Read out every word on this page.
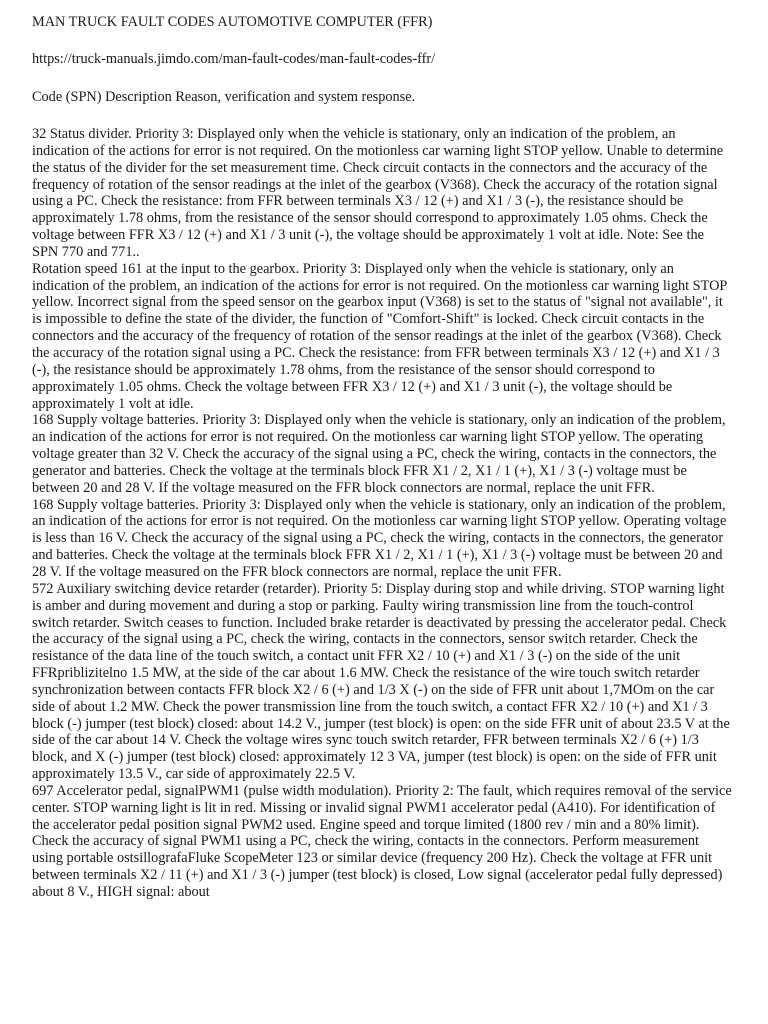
MAN TRUCK FAULT CODES AUTOMOTIVE COMPUTER (FFR)

https://truck-manuals.jimdo.com/man-fault-codes/man-fault-codes-ffr/

Code (SPN) Description Reason, verification and system response.

32 Status divider. Priority 3: Displayed only when the vehicle is stationary, only an indication of the problem, an indication of the actions for error is not required. On the motionless car warning light STOP yellow. Unable to determine the status of the divider for the set measurement time. Check circuit contacts in the connectors and the accuracy of the frequency of rotation of the sensor readings at the inlet of the gearbox (V368). Check the accuracy of the rotation signal using a PC. Check the resistance: from FFR between terminals X3 / 12 (+) and X1 / 3 (-), the resistance should be approximately 1.78 ohms, from the resistance of the sensor should correspond to approximately 1.05 ohms. Check the voltage between FFR X3 / 12 (+) and X1 / 3 unit (-), the voltage should be approximately 1 volt at idle. Note: See the SPN 770 and 771..

Rotation speed 161 at the input to the gearbox. Priority 3: Displayed only when the vehicle is stationary, only an indication of the problem, an indication of the actions for error is not required. On the motionless car warning light STOP yellow. Incorrect signal from the speed sensor on the gearbox input (V368) is set to the status of "signal not available", it is impossible to define the state of the divider, the function of "Comfort-Shift" is locked. Check circuit contacts in the connectors and the accuracy of the frequency of rotation of the sensor readings at the inlet of the gearbox (V368). Check the accuracy of the rotation signal using a PC. Check the resistance: from FFR between terminals X3 / 12 (+) and X1 / 3 (-), the resistance should be approximately 1.78 ohms, from the resistance of the sensor should correspond to approximately 1.05 ohms. Check the voltage between FFR X3 / 12 (+) and X1 / 3 unit (-), the voltage should be approximately 1 volt at idle.

168 Supply voltage batteries. Priority 3: Displayed only when the vehicle is stationary, only an indication of the problem, an indication of the actions for error is not required. On the motionless car warning light STOP yellow. The operating voltage greater than 32 V. Check the accuracy of the signal using a PC, check the wiring, contacts in the connectors, the generator and batteries. Check the voltage at the terminals block FFR X1 / 2, X1 / 1 (+), X1 / 3 (-) voltage must be between 20 and 28 V. If the voltage measured on the FFR block connectors are normal, replace the unit FFR.

168 Supply voltage batteries. Priority 3: Displayed only when the vehicle is stationary, only an indication of the problem, an indication of the actions for error is not required. On the motionless car warning light STOP yellow. Operating voltage is less than 16 V. Check the accuracy of the signal using a PC, check the wiring, contacts in the connectors, the generator and batteries. Check the voltage at the terminals block FFR X1 / 2, X1 / 1 (+), X1 / 3 (-) voltage must be between 20 and 28 V. If the voltage measured on the FFR block connectors are normal, replace the unit FFR.

572 Auxiliary switching device retarder (retarder). Priority 5: Display during stop and while driving. STOP warning light is amber and during movement and during a stop or parking. Faulty wiring transmission line from the touch-control switch retarder. Switch ceases to function. Included brake retarder is deactivated by pressing the accelerator pedal. Check the accuracy of the signal using a PC, check the wiring, contacts in the connectors, sensor switch retarder. Check the resistance of the data line of the touch switch, a contact unit FFR X2 / 10 (+) and X1 / 3 (-) on the side of the unit FFRpriblizitelno 1.5 MW, at the side of the car about 1.6 MW. Check the resistance of the wire touch switch retarder synchronization between contacts FFR block X2 / 6 (+) and 1/3 X (-) on the side of FFR unit about 1,7MOm on the car side of about 1.2 MW. Check the power transmission line from the touch switch, a contact FFR X2 / 10 (+) and X1 / 3 block (-) jumper (test block) closed: about 14.2 V., jumper (test block) is open: on the side FFR unit of about 23.5 V at the side of the car about 14 V. Check the voltage wires sync touch switch retarder, FFR between terminals X2 / 6 (+) 1/3 block, and X (-) jumper (test block) closed: approximately 12 3 VA, jumper (test block) is open: on the side of FFR unit approximately 13.5 V., car side of approximately 22.5 V.

697 Accelerator pedal, signalPWM1 (pulse width modulation). Priority 2: The fault, which requires removal of the service center. STOP warning light is lit in red. Missing or invalid signal PWM1 accelerator pedal (A410). For identification of the accelerator pedal position signal PWM2 used. Engine speed and torque limited (1800 rev / min and a 80% limit). Check the accuracy of signal PWM1 using a PC, check the wiring, contacts in the connectors. Perform measurement using portable ostsillografaFluke ScopeMeter 123 or similar device (frequency 200 Hz). Check the voltage at FFR unit between terminals X2 / 11 (+) and X1 / 3 (-) jumper (test block) is closed, Low signal (accelerator pedal fully depressed) about 8 V., HIGH signal: about
